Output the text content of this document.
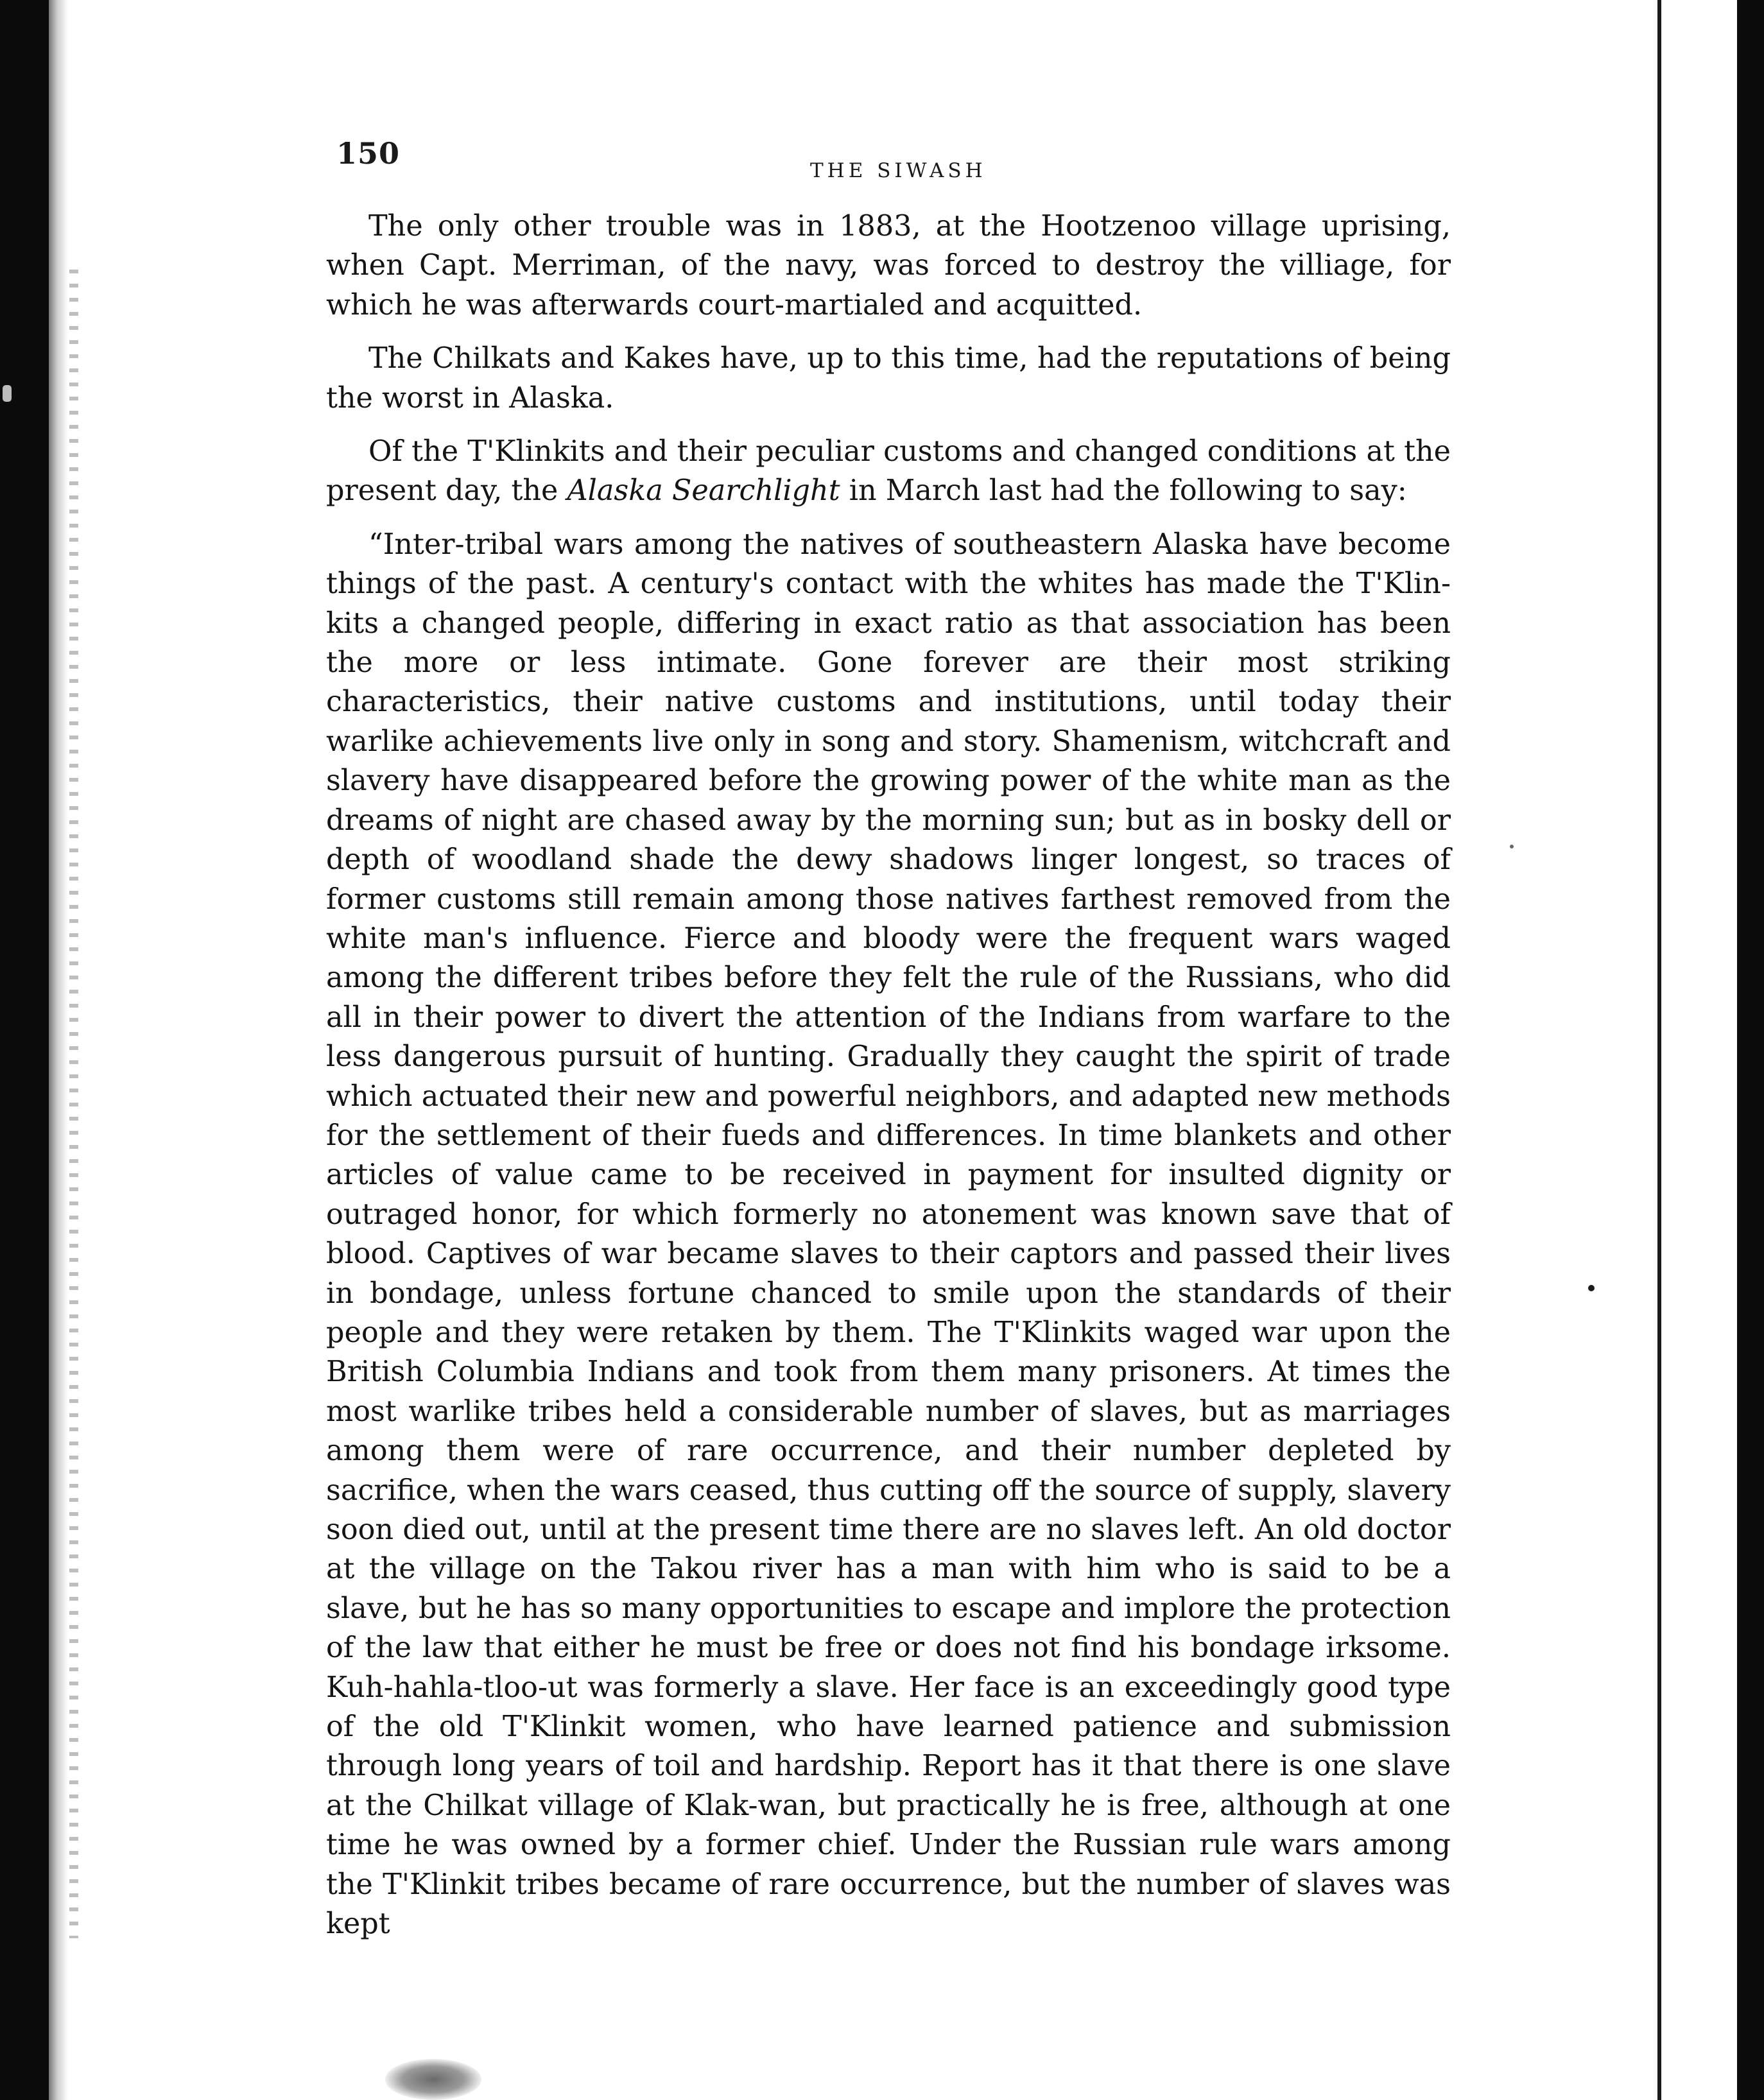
150	THE SIWASH

The only other trouble was in 1883, at the Hootzenoo village uprising, when Capt. Merriman, of the navy, was forced to destroy the villiage, for which he was afterwards court-martialed and acquitted.

The Chilkats and Kakes have, up to this time, had the reputations of being the worst in Alaska.

Of the T'Klinkits and their peculiar customs and changed conditions at the present day, the Alaska Searchlight in March last had the following to say:

“Inter-tribal wars among the natives of southeastern Alaska have become things of the past. A century's contact with the whites has made the T'Klinkits a changed people, differing in exact ratio as that association has been the more or less intimate. Gone forever are their most striking characteristics, their native customs and institutions, until today their warlike achievements live only in song and story. Shamenism, witchcraft and slavery have disappeared before the growing power of the white man as the dreams of night are chased away by the morning sun; but as in bosky dell or depth of woodland shade the dewy shadows linger longest, so traces of former customs still remain among those natives farthest removed from the white man's influence. Fierce and bloody were the frequent wars waged among the different tribes before they felt the rule of the Russians, who did all in their power to divert the attention of the Indians from warfare to the less dangerous pursuit of hunting. Gradually they caught the spirit of trade which actuated their new and powerful neighbors, and adapted new methods for the settlement of their fueds and differences. In time blankets and other articles of value came to be received in payment for insulted dignity or outraged honor, for which formerly no atonement was known save that of blood. Captives of war became slaves to their captors and passed their lives in bondage, unless fortune chanced to smile upon the standards of their people and they were retaken by them. The T'Klinkits waged war upon the British Columbia Indians and took from them many prisoners. At times the most warlike tribes held a considerable number of slaves, but as marriages among them were of rare occurrence, and their number depleted by sacrifice, when the wars ceased, thus cutting off the source of supply, slavery soon died out, until at the present time there are no slaves left. An old doctor at the village on the Takou river has a man with him who is said to be a slave, but he has so many opportunities to escape and implore the protection of the law that either he must be free or does not find his bondage irksome. Kuh-hahla-tloo-ut was formerly a slave. Her face is an exceedingly good type of the old T'Klinkit women, who have learned patience and submission through long years of toil and hardship. Report has it that there is one slave at the Chilkat village of Klak-wan, but practically he is free, although at one time he was owned by a former chief. Under the Russian rule wars among the T'Klinkit tribes became of rare occurrence, but the number of slaves was kept
